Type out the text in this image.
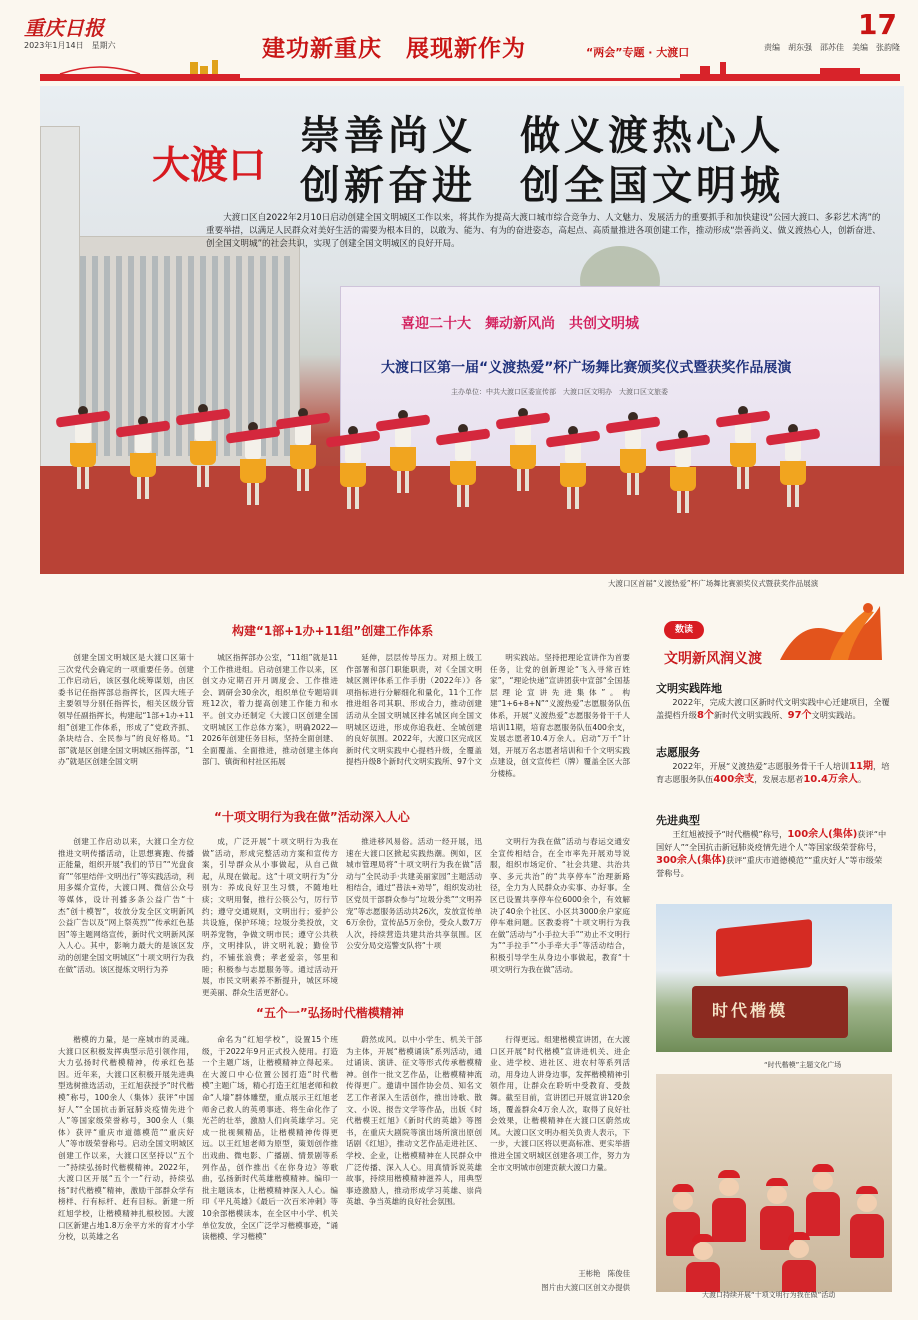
重庆日报
2023年1月14日　星期六	建功新重庆　展现新作为	“两会”专题 · 大渡口
17
责编　胡东强　邵苏佳　美编　张韵隆
喜迎二十大　舞动新风尚　共创文明城
大渡口区第一届“义渡热爱”杯广场舞比赛颁奖仪式暨获奖作品展演
主办单位：中共大渡口区委宣传部　大渡口区文明办　大渡口区文旅委
大渡口
崇善尚义　做义渡热心人
创新奋进　创全国文明城
大渡口区自2022年2月10日启动创建全国文明城区工作以来，将其作为提高大渡口城市综合竞争力、人文魅力、发展活力的重要抓手和加快建设“公园大渡口、多彩艺术湾”的重要举措，以满足人民群众对美好生活的需要为根本目的，以敢为、能为、有为的奋进姿态，高起点、高质量推进各项创建工作，推动形成“崇善尚义、做义渡热心人，创新奋进、创全国文明城”的社会共识，实现了创建全国文明城区的良好开局。
大渡口区首届“义渡热爱”杯广场舞比赛颁奖仪式暨获奖作品展演
构建“1部+1办+11组”创建工作体系

创建全国文明城区是大渡口区第十三次党代会确定的一项重要任务。创建工作启动后，该区强化统筹谋划，由区委书记任指挥部总指挥长，区四大班子主要领导分别任指挥长，相关区级分管领导任副指挥长，构建起“1部+1办+11组”创建工作体系，形成了“党政齐抓、条块结合、全民参与”的良好格局。“1部”就是区创建全国文明城区指挥部，“1办”就是区创建全国文明

城区指挥部办公室，“11组”就是11个工作推进组。启动创建工作以来，区创文办定期召开月调度会、工作推进会、调研会30余次，组织单位专题培训班12次，着力提高创建工作能力和水平。创文办还制定《大渡口区创建全国文明城区工作总体方案》，明确2022—2026年创建任务目标，坚持全面创建、全面覆盖、全面推进，推动创建主体向部门、镇街和村社区拓展

延伸，层层传导压力。对照上级工作部署和部门职能职责，对《全国文明城区测评体系工作手册（2022年）》各项指标进行分解细化和量化，11个工作推进组各司其职、形成合力，推动创建活动从全国文明城区排名城区向全国文明城区迈进，形成你追我赶、全城创建的良好氛围。2022年，大渡口区完成区新时代文明实践中心提档升级，全覆盖提档升级8个新时代文明实践所、97个文

明实践站。坚持把理论宣讲作为首要任务，让党的创新理论“飞入寻常百姓家”，“理论快递”宣讲团获中宣部“全国基层理论宣讲先进集体”。构建“1+6+8+N”“义渡热爱”志愿服务队伍体系，开展“义渡热爱”志愿服务骨干千人培训11期，培育志愿服务队伍400余支，发展志愿者10.4万余人。启动“万千”计划，开展万名志愿者培训和千个文明实践点建设，创文宣传栏（牌）覆盖全区大部分楼栋。

“十项文明行为我在做”活动深入人心

创建工作启动以来，大渡口全方位推进文明传播活动，让思想赛跑、传播正能量，组织开展“我们的节日”“光盘食育”“邻里结伴·文明出行”等实践活动，利用多媒介宣传，大渡口网、微信公众号等媒体，设计刊播多条公益广告“十杰”创十模智”，妆放分发全区文明新风公益广告以及“网上祭英烈”“传承红色基因”等主题网络宣传，新时代文明新风深入人心。其中，影响力最大的是该区发动的创建全国文明城区“十项文明行为我在做”活动。该区提炼文明行为养

成，广泛开展“十项文明行为我在做”活动，形成完整活动方案和宣传方案，引导群众从小事做起，从自己做起，从现在做起。这“十项文明行为”分别为：养成良好卫生习惯，不随地吐痰；文明用餐，推行公筷公勺，厉行节约；遵守交通规则，文明出行；爱护公共设施，保护环境；垃圾分类投放，文明养宠物，争做文明市民；遵守公共秩序，文明排队，讲文明礼貌；勤俭节约，不铺张浪费；孝老爱亲，邻里和睦；积极参与志愿服务等。通过活动开展，市民文明素养不断提升，城区环境更美丽、群众生活更舒心。

推进移风易俗。活动一经开展，迅速在大渡口区掀起实践热潮。例如，区城市管理局将“十项文明行为我在做”活动与“全民动手·共建美丽家园”主题活动相结合，通过“普法+劝导”，组织发动社区党员干部群众参与“垃圾分类”“文明养宠”等志愿服务活动共26次，发放宣传单6万余份，宣传品5万余份，受众人数7万人次，持续营造共建共治共享氛围。区公安分局交巡警支队将“十项

文明行为我在做”活动与春运交通安全宣传相结合，在全市率先开展劝导说服，组织市场定价、“社会共建、共治共享、多元共治”的“共享停车”治理新路径，全力为人民群众办实事、办好事。全区已设置共享停车位6000余个，有效解决了40余个社区、小区共3000余户家庭停车难问题。区教委将“十项文明行为我在做”活动与“小手拉大手”“劝止不文明行为”“手拉手”“小手牵大手”等活动结合，积极引导学生从身边小事做起，教育“十项文明行为我在做”活动。

“五个一”弘扬时代楷模精神

楷模的力量，是一座城市的灵魂。大渡口区积极发挥典型示范引领作用，大力弘扬时代楷模精神，传承红色基因。近年来，大渡口区积极开展先进典型选树推选活动，王红旭获授予“时代楷模”称号，100余人（集体）获评“中国好人”“全国抗击新冠肺炎疫情先进个人”等国家级荣誉称号，300余人（集体）获评“重庆市道德模范”“重庆好人”等市级荣誉称号。启动全国文明城区创建工作以来，大渡口区坚持以“五个一”持续弘扬时代楷模精神。2022年，大渡口区开展“五个一”行动，持续弘扬“时代楷模”精神，激励干部群众学有榜样、行有标杆、赶有目标。新建一所红旭学校，让楷模精神扎根校园。大渡口区新建占地1.8万余平方米的育才小学分校，以英雄之名

命名为“红旭学校”，设置15个班级，于2022年9月正式投入使用。打造一个主题广场，让楷模精神立得起来。在大渡口中心位置公园打造“时代楷模”主题广场，精心打造王红旭老师和救命“人墙”群体雕塑，重点展示王红旭老师舍己救人的英勇事迹、将生命化作了光芒的壮举，激励人们向英雄学习。完成一批视频精品，让楷模精神传得更远。以王红旭老师为原型，策划创作推出戏曲、微电影、广播剧、情景剧等系列作品，创作推出《在你身边》等歌曲，弘扬新时代英雄楷模精神。编印一批主题读本，让楷模精神深入人心。编印《平凡英雄》《最后一次百米冲刺》等10余部楷模读本，在全区中小学、机关单位发放，全区广泛学习楷模事迹，“诵读楷模、学习楷模”

蔚然成风。以中小学生、机关干部为主体，开展“楷模诵读”系列活动，通过诵读、演讲、征文等形式传承楷模精神。创作一批文艺作品，让楷模精神流传得更广。邀请中国作协会员、知名文艺工作者深入生活创作，推出诗歌、散文、小说、报告文学等作品，出版《时代楷模王红旭》《新时代的英雄》等图书，在重庆大剧院等演出场所演出原创话剧《红旭》，推动文艺作品走进社区、学校、企业，让楷模精神在人民群众中广泛传播、深入人心。用真情诉说英雄故事，持续用楷模精神滋养人，用典型事迹激励人，推动形成学习英雄、崇尚英雄、争当英雄的良好社会氛围。

行得更远。组建楷模宣讲团，在大渡口区开展“时代楷模”宣讲进机关、进企业、进学校、进社区、进农村等系列活动，用身边人讲身边事，发挥楷模精神引领作用，让群众在聆听中受教育、受鼓舞。截至目前，宣讲团已开展宣讲120余场，覆盖群众4万余人次，取得了良好社会效果，让楷模精神在大渡口区蔚然成风。大渡口区文明办相关负责人表示，下一步，大渡口区将以更高标准、更实举措推进全国文明城区创建各项工作，努力为全市文明城市创建贡献大渡口力量。

王彬艳　陈俊佳
图片由大渡口区创文办提供
数读
文明新风润义渡
文明实践阵地
2022年，完成大渡口区新时代文明实践中心迁建项目，全覆盖提档升级8个新时代文明实践所、97个文明实践站。
志愿服务
2022年，开展“义渡热爱”志愿服务骨干千人培训11期，培育志愿服务队伍400余支，发展志愿者10.4万余人。
先进典型
王红旭被授予“时代楷模”称号，100余人(集体)获评“中国好人”“全国抗击新冠肺炎疫情先进个人”等国家级荣誉称号，300余人(集体)获评“重庆市道德模范”“重庆好人”等市级荣誉称号。
时代楷模
“时代楷模”主题文化广场
大渡口持续开展“十项文明行为我在做”活动
